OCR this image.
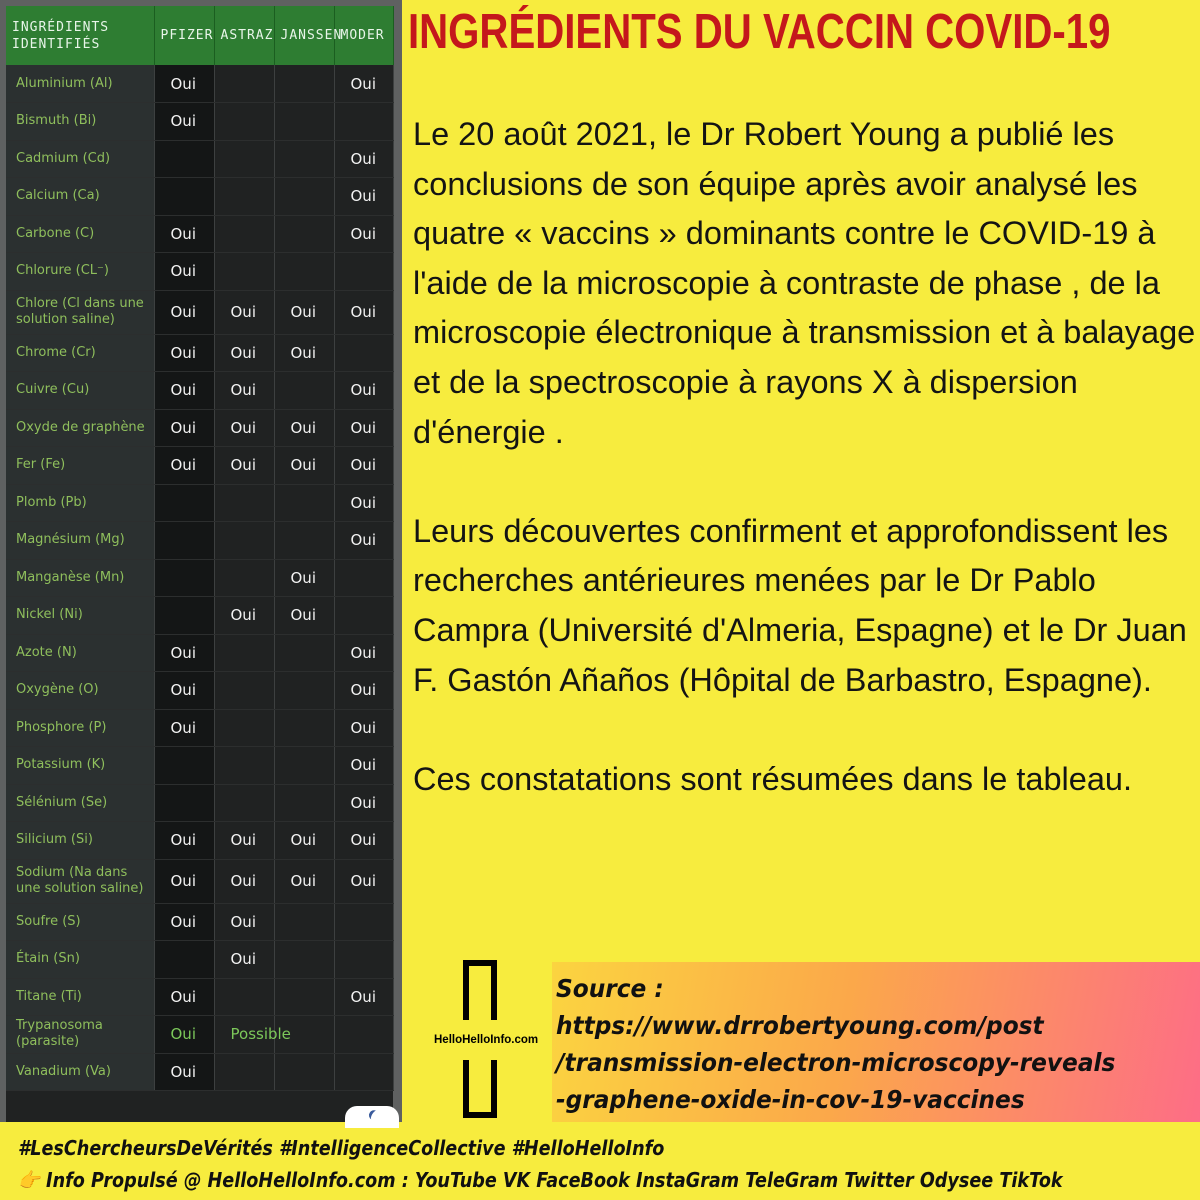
INGRÉDIENTS IDENTIFIÉS	PFIZER	ASTRAZ	JANSSEN	MODER
Aluminium (Al)	Oui			Oui
Bismuth (Bi)	Oui			
Cadmium (Cd)				Oui
Calcium (Ca)				Oui
Carbone (C)	Oui			Oui
Chlorure (CL⁻)	Oui			
Chlore (Cl dans une solution saline)	Oui	Oui	Oui	Oui
Chrome (Cr)	Oui	Oui	Oui	
Cuivre (Cu)	Oui	Oui		Oui
Oxyde de graphène	Oui	Oui	Oui	Oui
Fer (Fe)	Oui	Oui	Oui	Oui
Plomb (Pb)				Oui
Magnésium (Mg)				Oui
Manganèse (Mn)			Oui	
Nickel (Ni)		Oui	Oui	
Azote (N)	Oui			Oui
Oxygène (O)	Oui			Oui
Phosphore (P)	Oui			Oui
Potassium (K)				Oui
Sélénium (Se)				Oui
Silicium (Si)	Oui	Oui	Oui	Oui
Sodium (Na dans une solution saline)	Oui	Oui	Oui	Oui
Soufre (S)	Oui	Oui		
Étain (Sn)		Oui		
Titane (Ti)	Oui			Oui
Trypanosoma (parasite)	Oui	Possible		
Vanadium (Va)	Oui			
INGRÉDIENTS DU VACCIN COVID-19

Le 20 août 2021, le Dr Robert Young a publié les conclusions de son équipe après avoir analysé les quatre « vaccins » dominants contre le COVID-19 à l'aide de la microscopie à contraste de phase , de la microscopie électronique à transmission et à balayage et de la spectroscopie à rayons X à dispersion d'énergie .

Leurs découvertes confirment et approfondissent les recherches antérieures menées par le Dr Pablo Campra (Université d'Almeria, Espagne) et le Dr Juan F. Gastón Añaños (Hôpital de Barbastro, Espagne).

Ces constatations sont résumées dans le tableau.

HelloHelloInfo.com
Source :
https://www.drrobertyoung.com/post
/transmission-electron-microscopy-reveals
-graphene-oxide-in-cov-19-vaccines
#LesChercheursDeVérités #IntelligenceCollective #HelloHelloInfo
👉 Info Propulsé @ HelloHelloInfo.com : YouTube VK FaceBook InstaGram TeleGram Twitter Odysee TikTok
